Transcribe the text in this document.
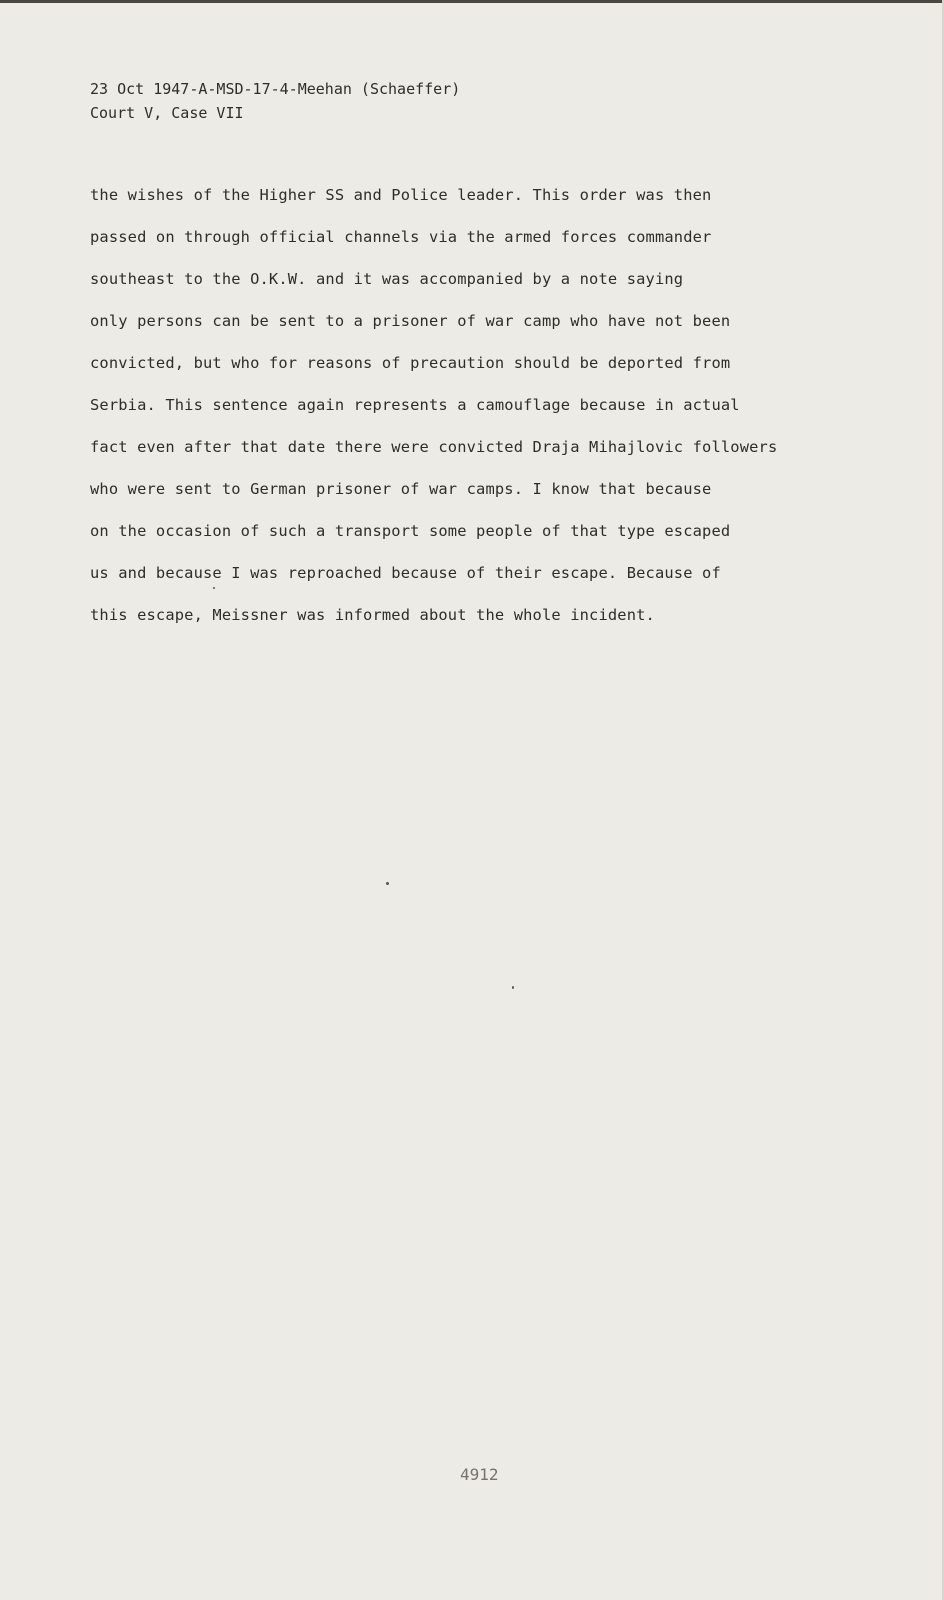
23 Oct 1947-A-MSD-17-4-Meehan (Schaeffer)
Court V, Case VII
the wishes of the Higher SS and Police leader. This order was then
passed on through official channels via the armed forces commander
southeast to the O.K.W. and it was accompanied by a note saying
only persons can be sent to a prisoner of war camp who have not been
convicted, but who for reasons of precaution should be deported from
Serbia. This sentence again represents a camouflage because in actual
fact even after that date there were convicted Draja Mihajlovic followers
who were sent to German prisoner of war camps. I know that because
on the occasion of such a transport some people of that type escaped
us and because I was reproached because of their escape. Because of
this escape, Meissner was informed about the whole incident.
4912
